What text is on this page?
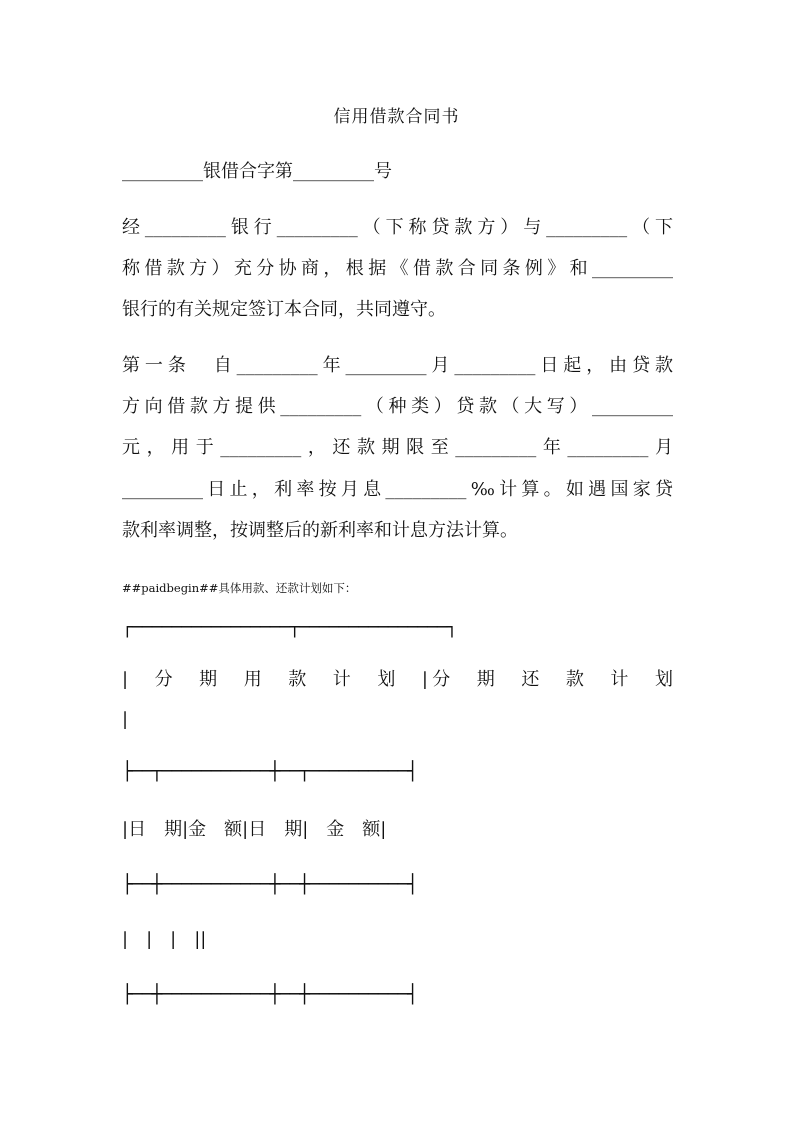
信用借款合同书
_________银借合字第_________号
经_________银行_________（下称贷款方）与_________（下
称借款方）充分协商，根据《借款合同条例》和_________
银行的有关规定签订本合同，共同遵守。
第一条　自_________年_________月_________日起，由贷款
方向借款方提供_________（种类）贷款（大写）_________
元，用于_________，还款期限至_________年_________月
_________日止，利率按月息_________‰计算。如遇国家贷
款利率调整，按调整后的新利率和计息方法计算。
##paidbegin##具体用款、还款计划如下：
┌────────────────┬───────────────┐
|　分　期　用　款　计　划　|分　期　还　款　计　划
|
├──┬───────────┼──┬──────────┤
|日　期|金　额|日　期|　金　额|
├──┼───────────┼──┼──────────┤
|　|　|　||
├──┼───────────┼──┼──────────┤
